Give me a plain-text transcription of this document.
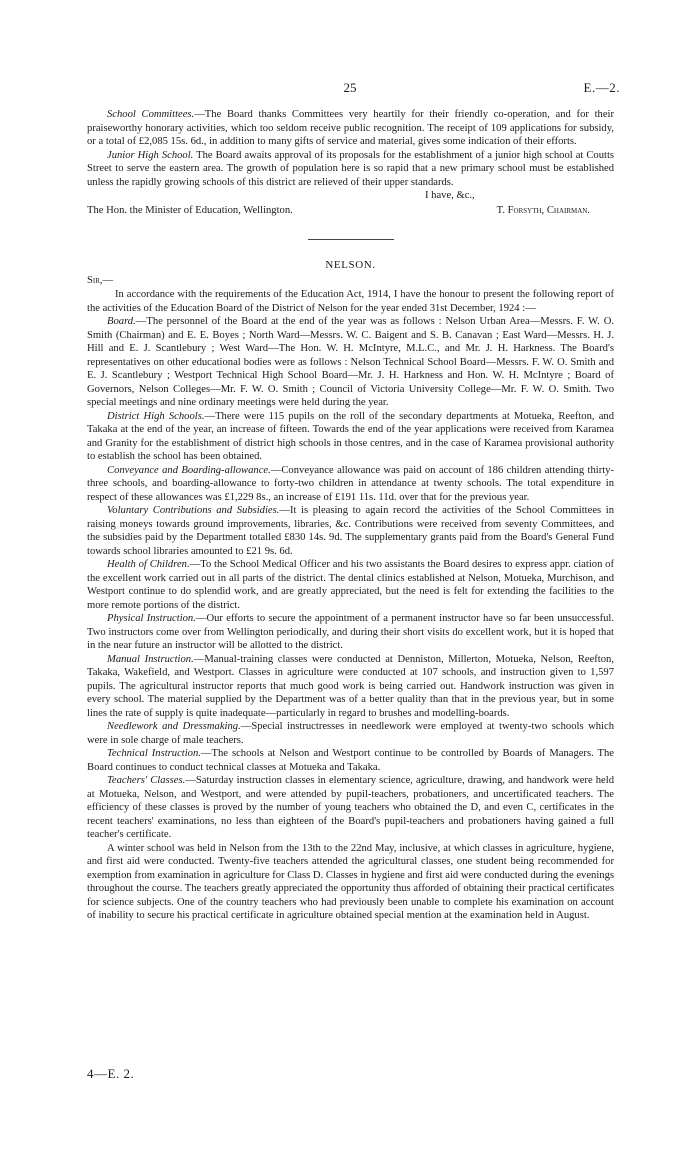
25	E.—2.

School Committees.—The Board thanks Committees very heartily for their friendly co-operation, and for their praiseworthy honorary activities, which too seldom receive public recognition. The receipt of 109 applications for subsidy, or a total of £2,085 15s. 6d., in addition to many gifts of service and material, gives some indication of their efforts.

Junior High School. The Board awaits approval of its proposals for the establishment of a junior high school at Coutts Street to serve the eastern area. The growth of population here is so rapid that a new primary school must be established unless the rapidly growing schools of this district are relieved of their upper standards.

I have, &c.,

The Hon. the Minister of Education, Wellington.	T. Forsyth, Chairman.
NELSON.
Sir,—

In accordance with the requirements of the Education Act, 1914, I have the honour to present the following report of the activities of the Education Board of the District of Nelson for the year ended 31st December, 1924 :—

Board.—The personnel of the Board at the end of the year was as follows : Nelson Urban Area—Messrs. F. W. O. Smith (Chairman) and E. E. Boyes ; North Ward—Messrs. W. C. Baigent and S. B. Canavan ; East Ward—Messrs. H. J. Hill and E. J. Scantlebury ; West Ward—The Hon. W. H. McIntyre, M.L.C., and Mr. J. H. Harkness. The Board's representatives on other educational bodies were as follows : Nelson Technical School Board—Messrs. F. W. O. Smith and E. J. Scantlebury ; Westport Technical High School Board—Mr. J. H. Harkness and Hon. W. H. McIntyre ; Board of Governors, Nelson Colleges—Mr. F. W. O. Smith ; Council of Victoria University College—Mr. F. W. O. Smith. Two special meetings and nine ordinary meetings were held during the year.

District High Schools.—There were 115 pupils on the roll of the secondary departments at Motueka, Reefton, and Takaka at the end of the year, an increase of fifteen. Towards the end of the year applications were received from Karamea and Granity for the establishment of district high schools in those centres, and in the case of Karamea provisional authority to establish the school has been obtained.

Conveyance and Boarding-allowance.—Conveyance allowance was paid on account of 186 children attending thirty-three schools, and boarding-allowance to forty-two children in attendance at twenty schools. The total expenditure in respect of these allowances was £1,229 8s., an increase of £191 11s. 11d. over that for the previous year.

Voluntary Contributions and Subsidies.—It is pleasing to again record the activities of the School Committees in raising moneys towards ground improvements, libraries, &c. Contributions were received from seventy Committees, and the subsidies paid by the Department totalled £830 14s. 9d. The supplementary grants paid from the Board's General Fund towards school libraries amounted to £21 9s. 6d.

Health of Children.—To the School Medical Officer and his two assistants the Board desires to express appr. ciation of the excellent work carried out in all parts of the district. The dental clinics established at Nelson, Motueka, Murchison, and Westport continue to do splendid work, and are greatly appreciated, but the need is felt for extending the facilities to the more remote portions of the district.

Physical Instruction.—Our efforts to secure the appointment of a permanent instructor have so far been unsuccessful. Two instructors come over from Wellington periodically, and during their short visits do excellent work, but it is hoped that in the near future an instructor will be allotted to the district.

Manual Instruction.—Manual-training classes were conducted at Denniston, Millerton, Motueka, Nelson, Reefton, Takaka, Wakefield, and Westport. Classes in agriculture were conducted at 107 schools, and instruction given to 1,597 pupils. The agricultural instructor reports that much good work is being carried out. Handwork instruction was given in every school. The material supplied by the Department was of a better quality than that in the previous year, but in some lines the rate of supply is quite inadequate—particularly in regard to brushes and modelling-boards.

Needlework and Dressmaking.—Special instructresses in needlework were employed at twenty-two schools which were in sole charge of male teachers.

Technical Instruction.—The schools at Nelson and Westport continue to be controlled by Boards of Managers. The Board continues to conduct technical classes at Motueka and Takaka.

Teachers' Classes.—Saturday instruction classes in elementary science, agriculture, drawing, and handwork were held at Motueka, Nelson, and Westport, and were attended by pupil-teachers, probationers, and uncertificated teachers. The efficiency of these classes is proved by the number of young teachers who obtained the D, and even C, certificates in the recent teachers' examinations, no less than eighteen of the Board's pupil-teachers and probationers having gained a full teacher's certificate.

A winter school was held in Nelson from the 13th to the 22nd May, inclusive, at which classes in agriculture, hygiene, and first aid were conducted. Twenty-five teachers attended the agricultural classes, one student being recommended for exemption from examination in agriculture for Class D. Classes in hygiene and first aid were conducted during the evenings throughout the course. The teachers greatly appreciated the opportunity thus afforded of obtaining their practical certificates for science subjects. One of the country teachers who had previously been unable to complete his examination on account of inability to secure his practical certificate in agriculture obtained special mention at the examination held in August.

4—E. 2.
